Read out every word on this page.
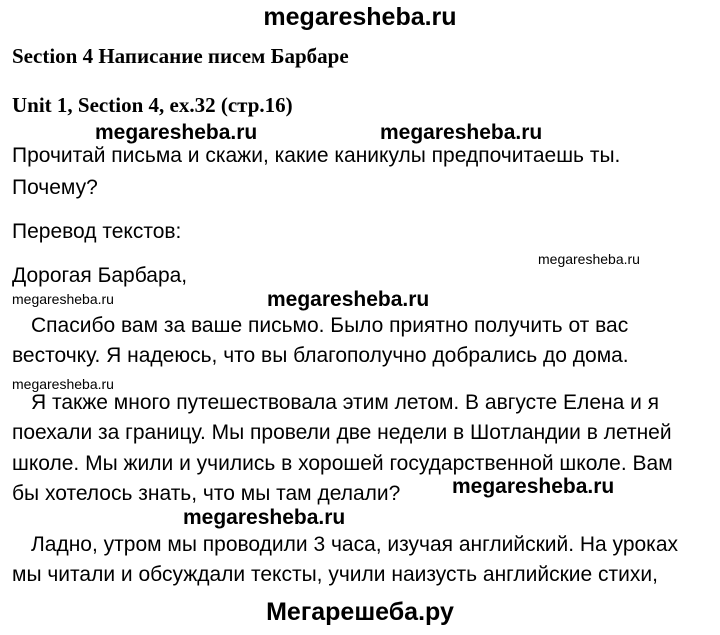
megaresheba.ru
Section 4 Написание писем Барбаре
Unit 1, Section 4, ex.32 (стр.16)
megaresheba.ru	megaresheba.ru
Прочитай письма и скажи, какие каникулы предпочитаешь ты.
Почему?
Перевод текстов:
megaresheba.ru
Дорогая Барбара,
megaresheba.ru	megaresheba.ru
Спасибо вам за ваше письмо. Было приятно получить от вас
весточку. Я надеюсь, что вы благополучно добрались до дома.
megaresheba.ru
Я также много путешествовала этим летом. В августе Елена и я
поехали за границу. Мы провели две недели в Шотландии в летней
школе. Мы жили и учились в хорошей государственной школе. Вам
бы хотелось знать, что мы там делали? megaresheba.ru
megaresheba.ru
Ладно, утром мы проводили 3 часа, изучая английский. На уроках
мы читали и обсуждали тексты, учили наизусть английские стихи,
Мегарешеба.ру
